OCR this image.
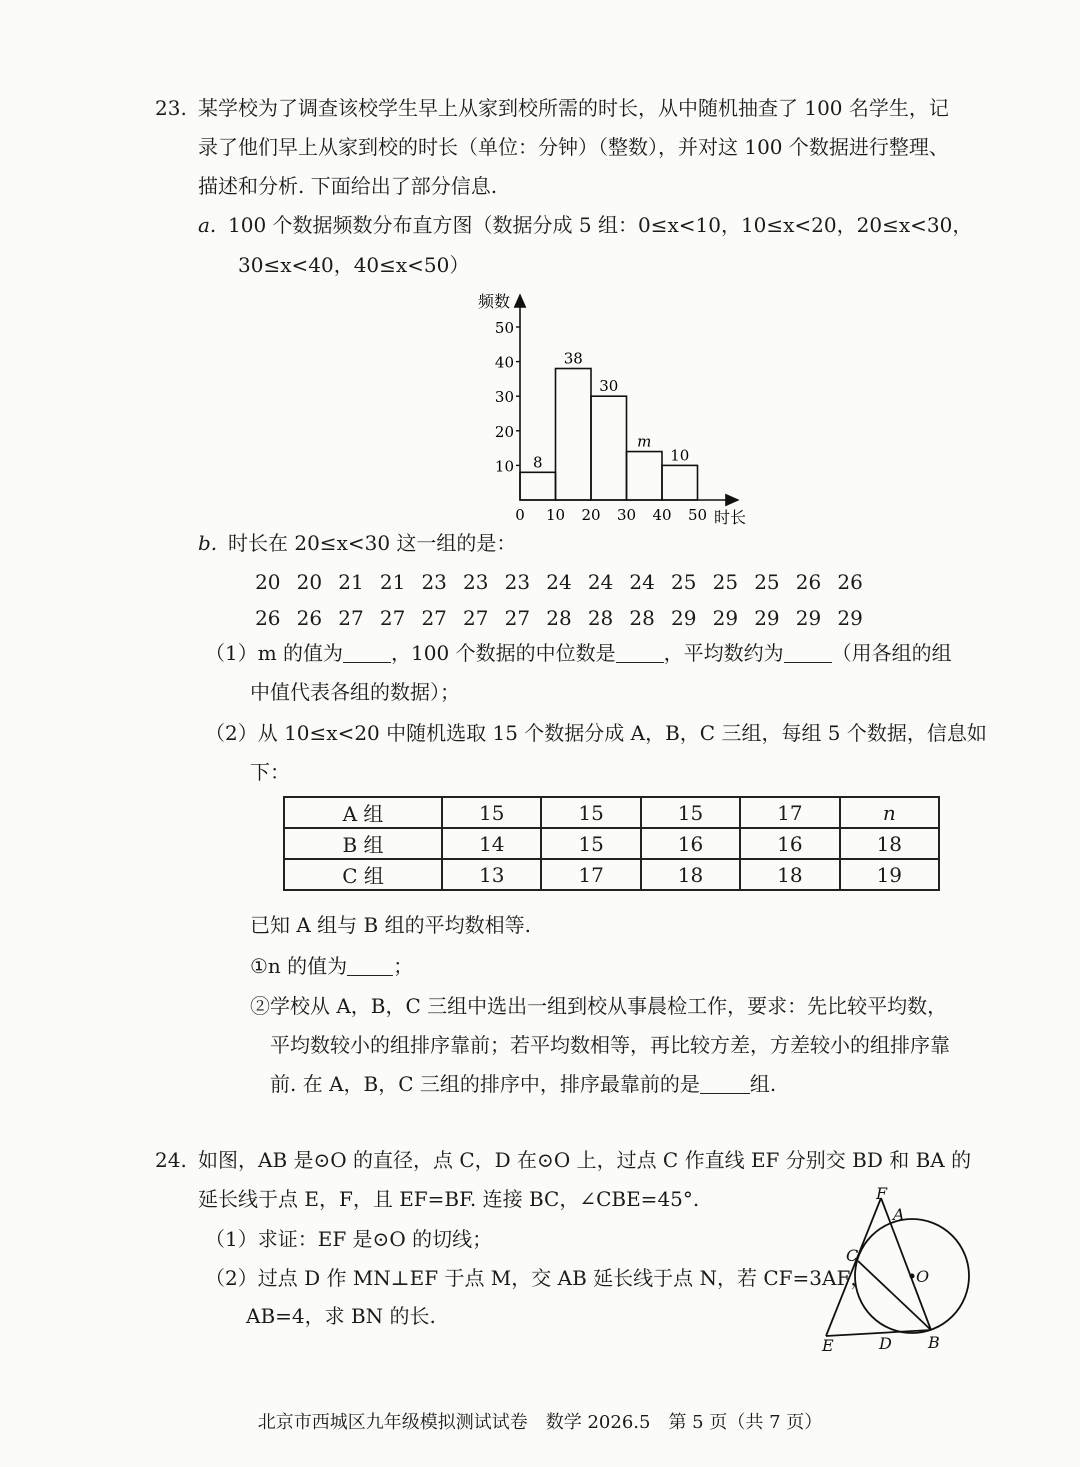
23. 某学校为了调查该校学生早上从家到校所需的时长，从中随机抽查了 100 名学生，记
录了他们早上从家到校的时长（单位：分钟）（整数），并对这 100 个数据进行整理、
描述和分析. 下面给出了部分信息.
a. 100 个数据频数分布直方图（数据分成 5 组：0≤x<10，10≤x<20，20≤x<30，
30≤x<40，40≤x<50）
频数
时长
10
20
30
40
50
0 10 20 30 40 50
8
38
30
m
10
b. 时长在 20≤x<30 这一组的是：
20 20 21 21 23 23 23 24 24 24 25 25 25 26 26
26 26 27 27 27 27 27 28 28 28 29 29 29 29 29
（1）m 的值为 ，100 个数据的中位数是 ，平均数约为 （用各组的组
中值代表各组的数据）；
（2）从 10≤x<20 中随机选取 15 个数据分成 A，B，C 三组，每组 5 个数据，信息如
下：
A 组	15	15	15	17	n
B 组	14	15	16	16	18
C 组	13	17	18	18	19
已知 A 组与 B 组的平均数相等.
①n 的值为 ；
②学校从 A，B，C 三组中选出一组到校从事晨检工作，要求：先比较平均数，
平均数较小的组排序靠前；若平均数相等，再比较方差，方差较小的组排序靠
前. 在 A，B，C 三组的排序中，排序最靠前的是	组.
24. 如图，AB 是⊙O 的直径，点 C，D 在⊙O 上，过点 C 作直线 EF 分别交 BD 和 BA 的
延长线于点 E，F，且 EF=BF. 连接 BC，∠CBE=45°.
（1）求证：EF 是⊙O 的切线；
（2）过点 D 作 MN⊥EF 于点 M，交 AB 延长线于点 N，若 CF=3AF，
AB=4，求 BN 的长.
F
A
C
O
E	D B
北京市西城区九年级模拟测试试卷　数学 2026.5　第 5 页（共 7 页）
